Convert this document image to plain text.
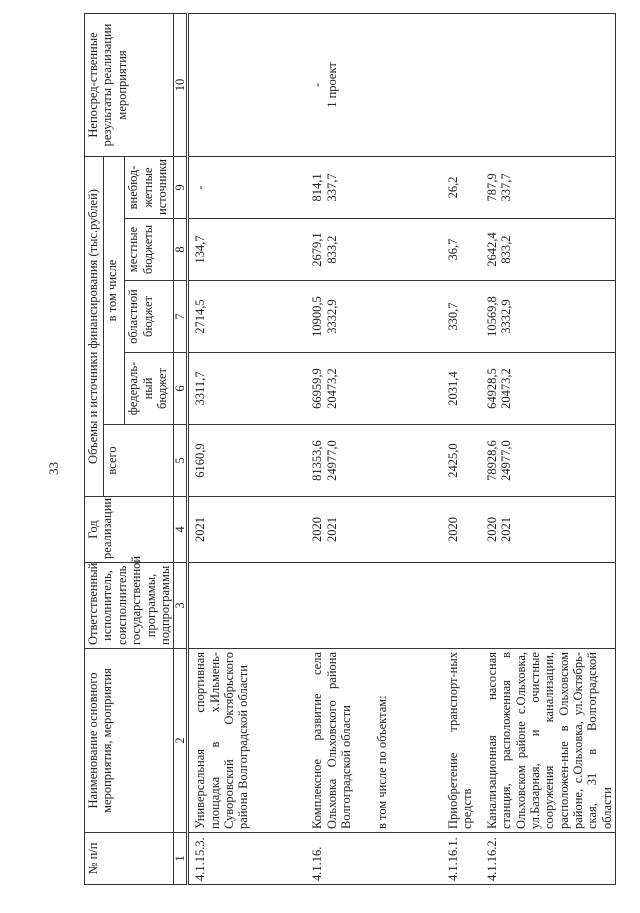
33
№ п/п	Наименование основного мероприятия, мероприятия	Ответственный исполнитель, соисполнитель государственной программы, подпрограммы	Год реализации	Объемы и источники финансирования (тыс.рублей)					Непосред-ственные результаты реализации мероприятия
				всего	в том числе				
					федераль-ный бюджет	областной бюджет	местные бюджеты	внебюд-жетные источники	
1	2	3	4	5	6	7	8	9	10
4.1.15.3.	Универсальная спортивная площадка в х.Ильмень-Суворовский Октябрьского района Волгоградской области		2021	6160,9	3311,7	2714,5	134,7	-	

4.1.16.	Комплексное развитие села Ольховка Ольховского района Волгоградской области в том числе по объектам:		2020 2021	81353,6 24977,0	66959,9 20473,2	10900,5 3332,9	2679,1 833,2	814,1 337,7	- 1 проект

4.1.16.1.	Приобретение транспорт-ных средств		2020	2425,0	2031,4	330,7	36,7	26,2	

4.1.16.2.	Канализационная насосная станция, расположенная в Ольховском районе с.Ольховка, ул.Базарная, и очистные сооружения канализации, расположен-ные в Ольховском районе, с.Ольховка, ул.Октябрь-ская, 31 в Волгоградской области		2020 2021	78928,6 24977,0	64928,5 20473,2	10569,8 3332,9	2642,4 833,2	787,9 337,7	
